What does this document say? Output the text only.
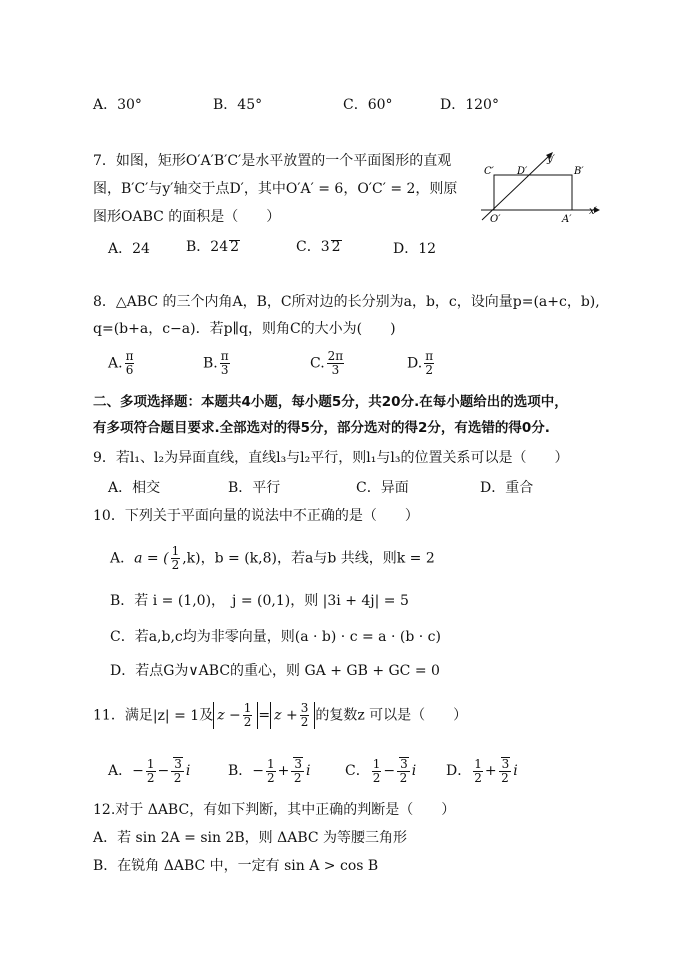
A．30°	B．45°	C．60°	D．120°
7．如图，矩形O′A′B′C′是水平放置的一个平面图形的直观
图，B′C′与y′轴交于点D′，其中O′A′ = 6，O′C′ = 2，则原
图形OABC 的面积是（　　）
A．24	B．24 2	C．3 2	D．12
C′ D′	B′
y′
O′	A′
x′
8．△ABC 的三个内角A，B，C所对边的长分别为a，b，c，设向量p=(a+c，b),
q=(b+a，c−a)．若p∥q，则角C的大小为(　　)
A. $\frac{\pi}{6}$	B. $\frac{\pi}{3}$	C. $\frac{2\pi}{3}$	D. $\frac{\pi}{2}$
二、多项选择题：本题共4小题，每小题5分，共20分.在每小题给出的选项中，
有多项符合题目要求.全部选对的得5分，部分选对的得2分，有选错的得0分.
9．若l₁、l₂为异面直线，直线l₃与l₂平行，则l₁与l₃的位置关系可以是（　　）
A．相交	B．平行	C．异面	D．重合
10．下列关于平面向量的说法中不正确的是（　　）
A．a = ( $\frac{1}{2} ,k$)，b = (k,8)，若a与b 共线，则k = 2
B．若 i = (1,0)，　j = (0,1)，则 |3i + 4j| = 5
C．若a,b,c均为非零向量，则(a · b) · c = a · (b · c)
D．若点G为∨ABC的重心，则 GA + GB + GC = 0
11．满足|z| = 1及 $z - \frac{1}{2} = z + \frac{3}{2}$ 的复数z 可以是（　　）
A．− $\frac{1}{2} - \frac{3}{2}$ i	B．− $\frac{1}{2} + \frac{3}{2}$ i C． $\frac{1}{2} - \frac{3}{2}$ i D． $\frac{1}{2} + \frac{3}{2}$ i
12.对于 ΔABC，有如下判断，其中正确的判断是（　　）
A．若 sin 2A = sin 2B，则 ΔABC 为等腰三角形
B．在锐角 ΔABC 中，一定有 sin A > cos B
